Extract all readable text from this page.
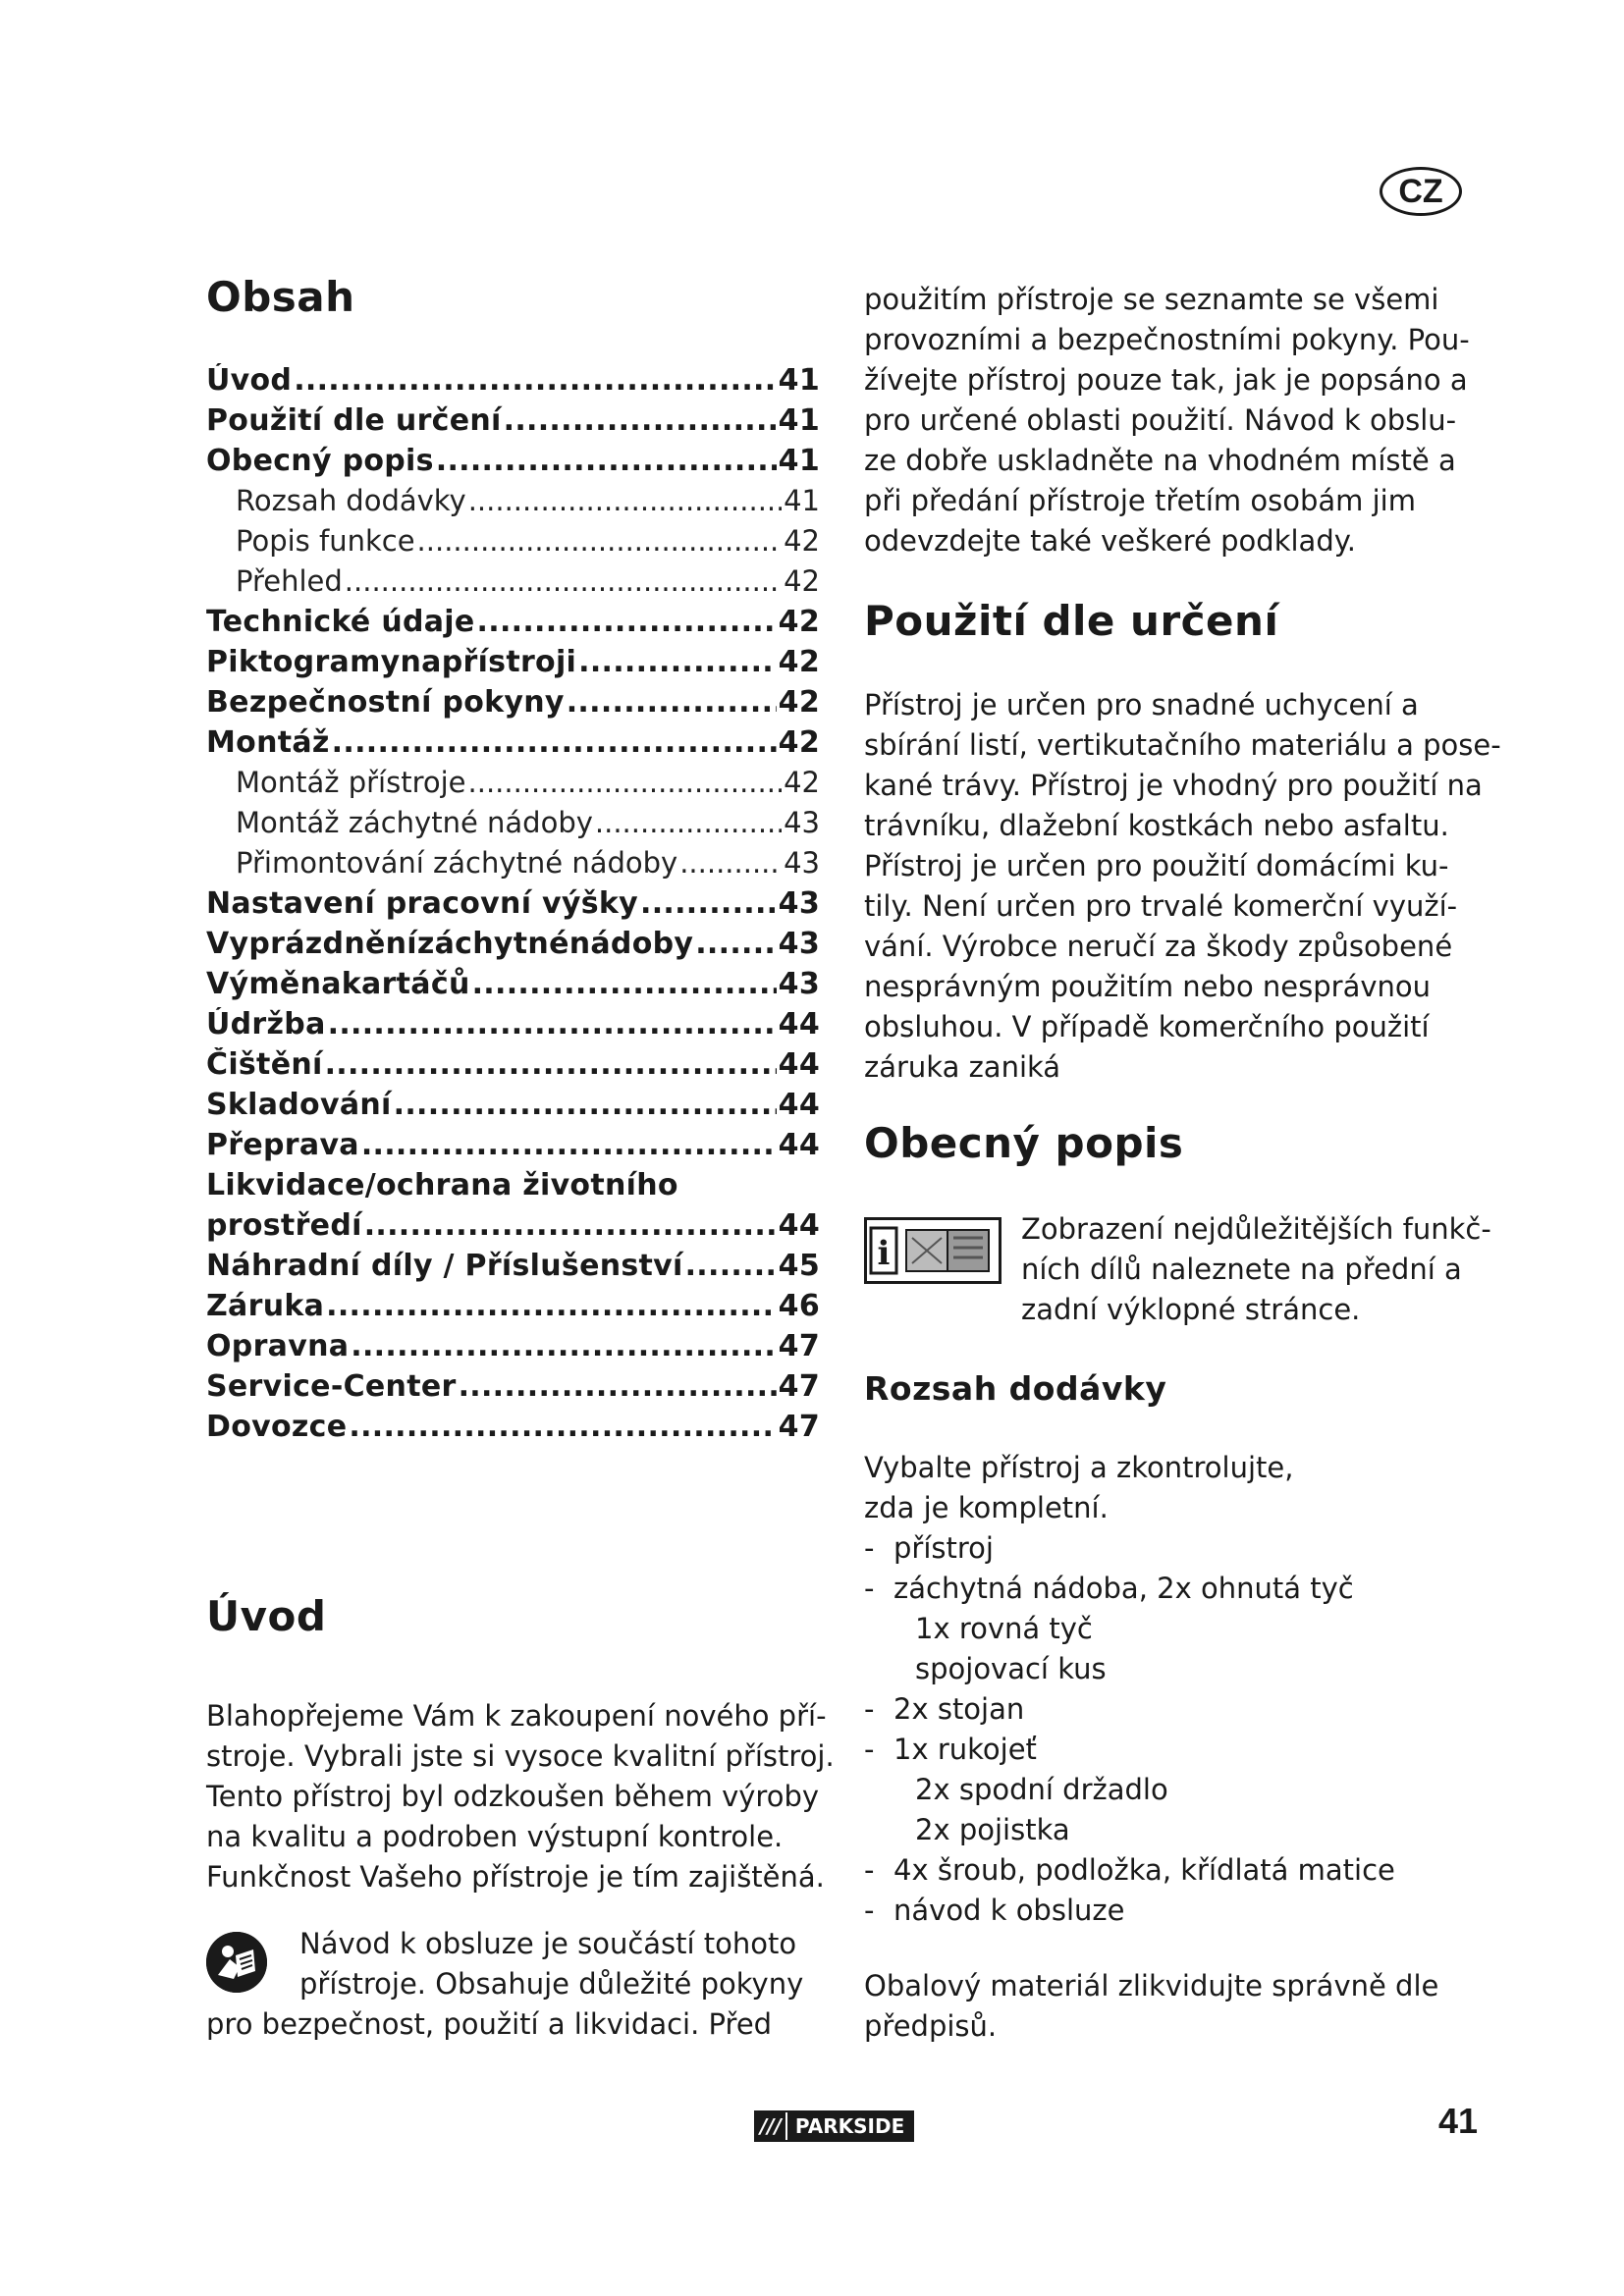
CZ
Obsah
Úvod .....	41
Použití dle určení .....	41
Obecný popis .....	41
Rozsah dodávky .....	41
Popis funkce .....	42
Přehled .....	42
Technické údaje .....	42
Piktogramynapřístroji .....	42
Bezpečnostní pokyny .....	42
Montáž .....	42
Montáž přístroje .....	42
Montáž záchytné nádoby .....	43
Přimontování záchytné nádoby .....	43
Nastavení pracovní výšky .....	43
Vyprázdněnízáchytnénádoby .....	43
Výměnakartáčů .....	43
Údržba .....	44
Čištění .....	44
Skladování .....	44
Přeprava .....	44
Likvidace/ochrana životního
prostředí .....	44
Náhradní díly / Příslušenství .....	45
Záruka .....	46
Opravna .....	47
Service-Center .....	47
Dovozce .....	47
Úvod
Blahopřejeme Vám k zakoupení nového pří-
stroje. Vybrali jste si vysoce kvalitní přístroj.
Tento přístroj byl odzkoušen během výroby
na kvalitu a podroben výstupní kontrole.
Funkčnost Vašeho přístroje je tím zajištěná.
Návod k obsluze je součástí tohoto
přístroje. Obsahuje důležité pokyny
pro bezpečnost, použití a likvidaci. Před
použitím přístroje se seznamte se všemi
provozními a bezpečnostními pokyny. Pou-
žívejte přístroj pouze tak, jak je popsáno a
pro určené oblasti použití. Návod k obslu-
ze dobře uskladněte na vhodném místě a
při předání přístroje třetím osobám jim
odevzdejte také veškeré podklady.
Použití dle určení
Přístroj je určen pro snadné uchycení a
sbírání listí, vertikutačního materiálu a pose-
kané trávy. Přístroj je vhodný pro použití na
trávníku, dlažební kostkách nebo asfaltu.
Přístroj je určen pro použití domácími ku-
tily. Není určen pro trvalé komerční využí-
vání. Výrobce neručí za škody způsobené
nesprávným použitím nebo nesprávnou
obsluhou. V případě komerčního použití
záruka zaniká
Obecný popis
i
Zobrazení nejdůležitějších funkč-
ních dílů naleznete na přední a
zadní výklopné stránce.
Rozsah dodávky
Vybalte přístroj a zkontrolujte,
zda je kompletní.
- přístroj
- záchytná nádoba, 2x ohnutá tyč
1x rovná tyč
spojovací kus
- 2x stojan
- 1x rukojeť
2x spodní držadlo
2x pojistka
- 4x šroub, podložka, křídlatá matice
- návod k obsluze
Obalový materiál zlikvidujte správně dle
předpisů.
/// PARKSIDE	41
